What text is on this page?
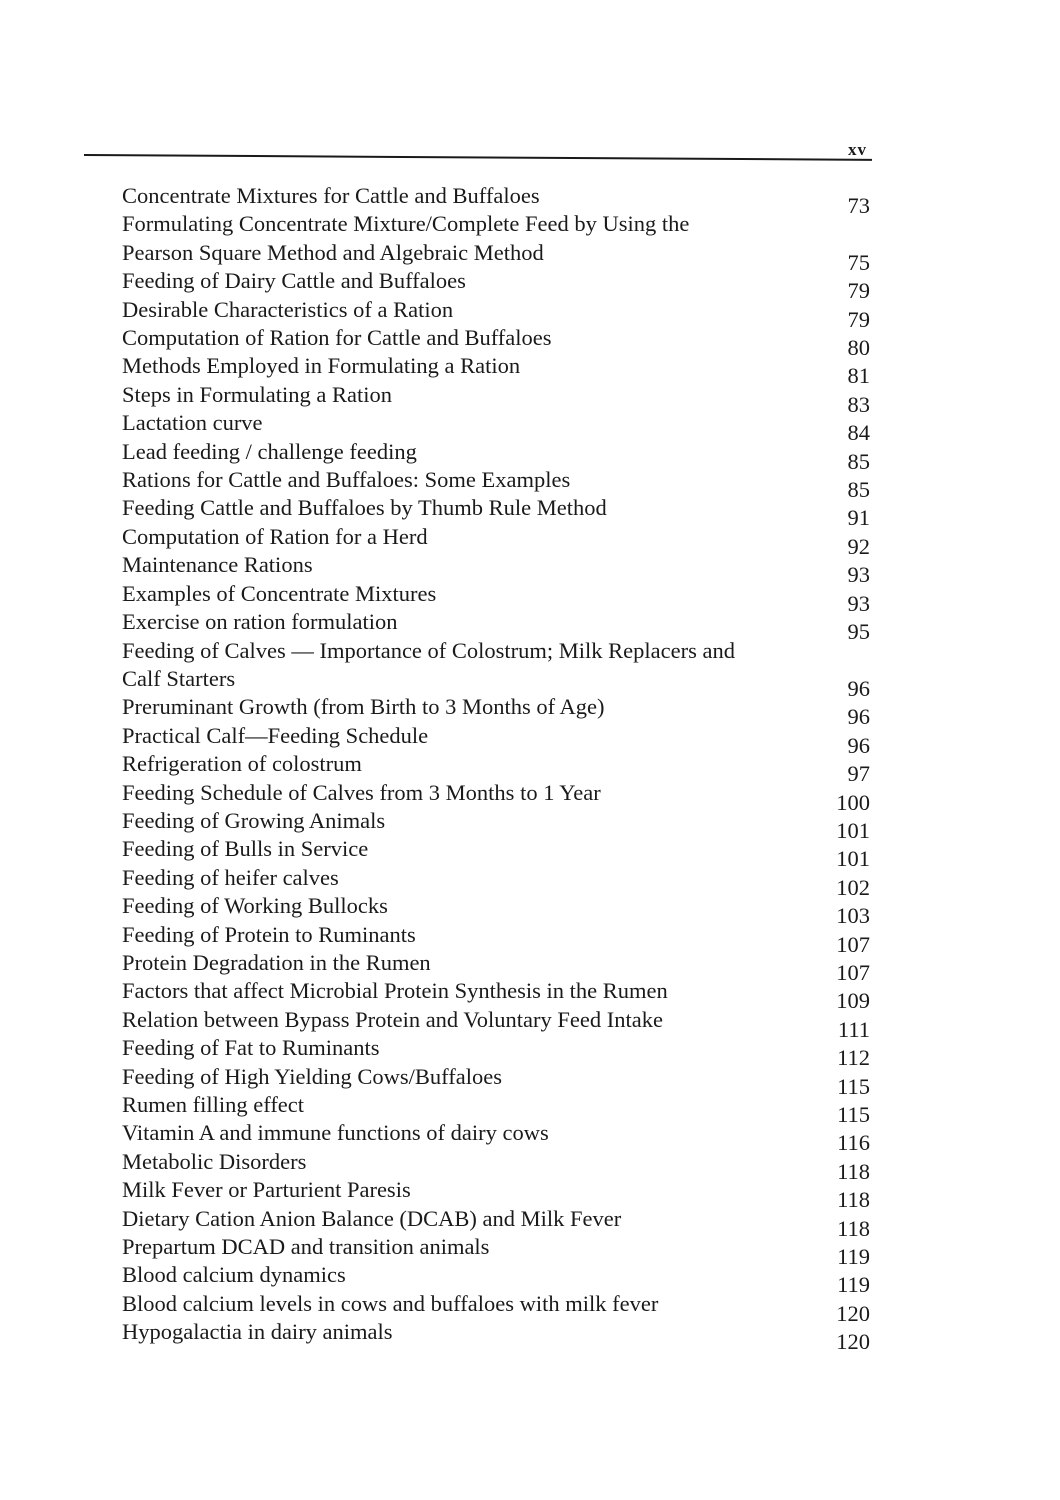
xv
Concentrate Mixtures for Cattle and Buffaloes	73
Formulating Concentrate Mixture/Complete Feed by Using the
Pearson Square Method and Algebraic Method	75
Feeding of Dairy Cattle and Buffaloes	79
Desirable Characteristics of a Ration	79
Computation of Ration for Cattle and Buffaloes	80
Methods Employed in Formulating a Ration	81
Steps in Formulating a Ration	83
Lactation curve	84
Lead feeding / challenge feeding	85
Rations for Cattle and Buffaloes: Some Examples	85
Feeding Cattle and Buffaloes by Thumb Rule Method	91
Computation of Ration for a Herd	92
Maintenance Rations	93
Examples of Concentrate Mixtures	93
Exercise on ration formulation	95
Feeding of Calves — Importance of Colostrum; Milk Replacers and
Calf Starters	96
Preruminant Growth (from Birth to 3 Months of Age)	96
Practical Calf—Feeding Schedule	96
Refrigeration of colostrum	97
Feeding Schedule of Calves from 3 Months to 1 Year	100
Feeding of Growing Animals	101
Feeding of Bulls in Service	101
Feeding of heifer calves	102
Feeding of Working Bullocks	103
Feeding of Protein to Ruminants	107
Protein Degradation in the Rumen	107
Factors that affect Microbial Protein Synthesis in the Rumen	109
Relation between Bypass Protein and Voluntary Feed Intake	111
Feeding of Fat to Ruminants	112
Feeding of High Yielding Cows/Buffaloes	115
Rumen filling effect	115
Vitamin A and immune functions of dairy cows	116
Metabolic Disorders	118
Milk Fever or Parturient Paresis	118
Dietary Cation Anion Balance (DCAB) and Milk Fever	118
Prepartum DCAD and transition animals	119
Blood calcium dynamics	119
Blood calcium levels in cows and buffaloes with milk fever	120
Hypogalactia in dairy animals	120
